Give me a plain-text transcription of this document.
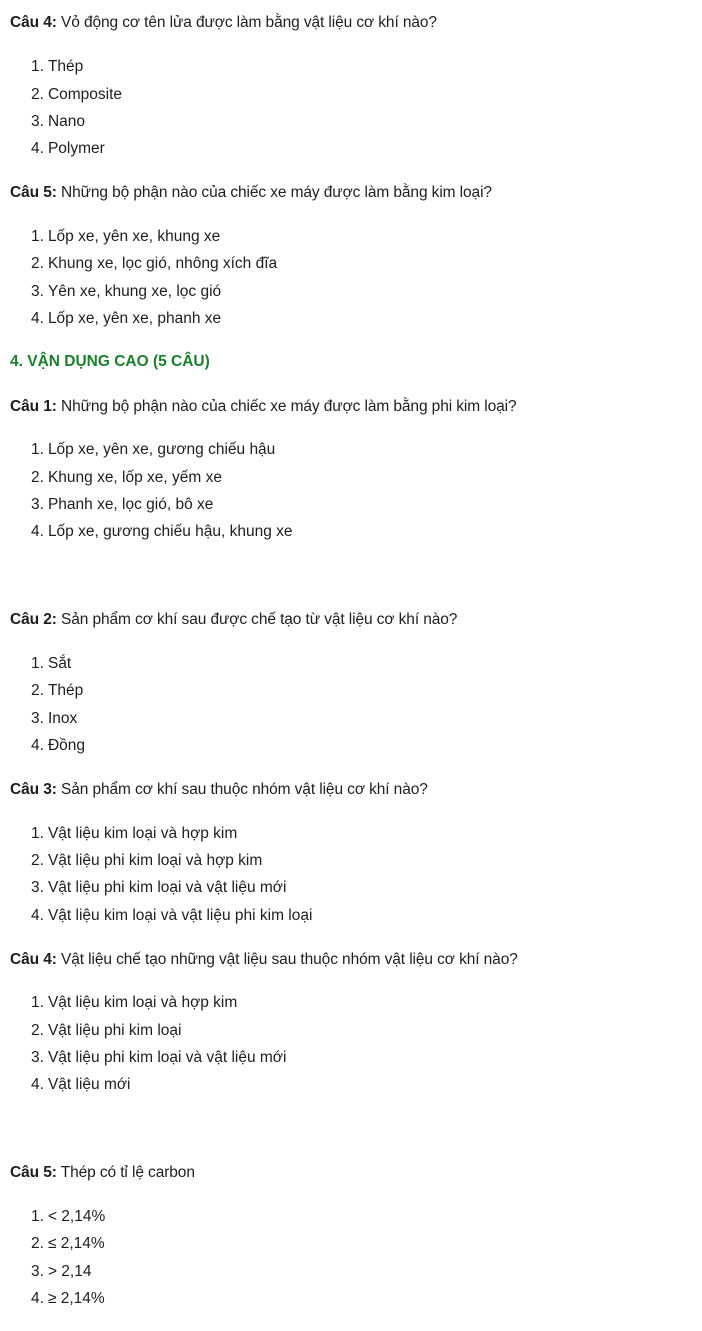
Câu 4: Vỏ động cơ tên lửa được làm bằng vật liệu cơ khí nào?
1. Thép
2. Composite
3. Nano
4. Polymer
Câu 5: Những bộ phận nào của chiếc xe máy được làm bằng kim loại?
1. Lốp xe, yên xe, khung xe
2. Khung xe, lọc gió, nhông xích đĩa
3. Yên xe, khung xe, lọc gió
4. Lốp xe, yên xe, phanh xe
4. VẬN DỤNG CAO (5 CÂU)
Câu 1: Những bộ phận nào của chiếc xe máy được làm bằng phi kim loại?
1. Lốp xe, yên xe, gương chiếu hậu
2. Khung xe, lốp xe, yếm xe
3. Phanh xe, lọc gió, bô xe
4. Lốp xe, gương chiếu hậu, khung xe
Câu 2: Sản phẩm cơ khí sau được chế tạo từ vật liệu cơ khí nào?
1. Sắt
2. Thép
3. Inox
4. Đồng
Câu 3: Sản phẩm cơ khí sau thuộc nhóm vật liệu cơ khí nào?
1. Vật liệu kim loại và hợp kim
2. Vật liệu phi kim loại và hợp kim
3. Vật liệu phi kim loại và vật liệu mới
4. Vật liệu kim loại và vật liệu phi kim loại
Câu 4: Vật liệu chế tạo những vật liệu sau thuộc nhóm vật liệu cơ khí nào?
1. Vật liệu kim loại và hợp kim
2. Vật liệu phi kim loại
3. Vật liệu phi kim loại và vật liệu mới
4. Vật liệu mới
Câu 5: Thép có tỉ lệ carbon
1. < 2,14%
2. ≤ 2,14%
3. > 2,14
4. ≥ 2,14%
